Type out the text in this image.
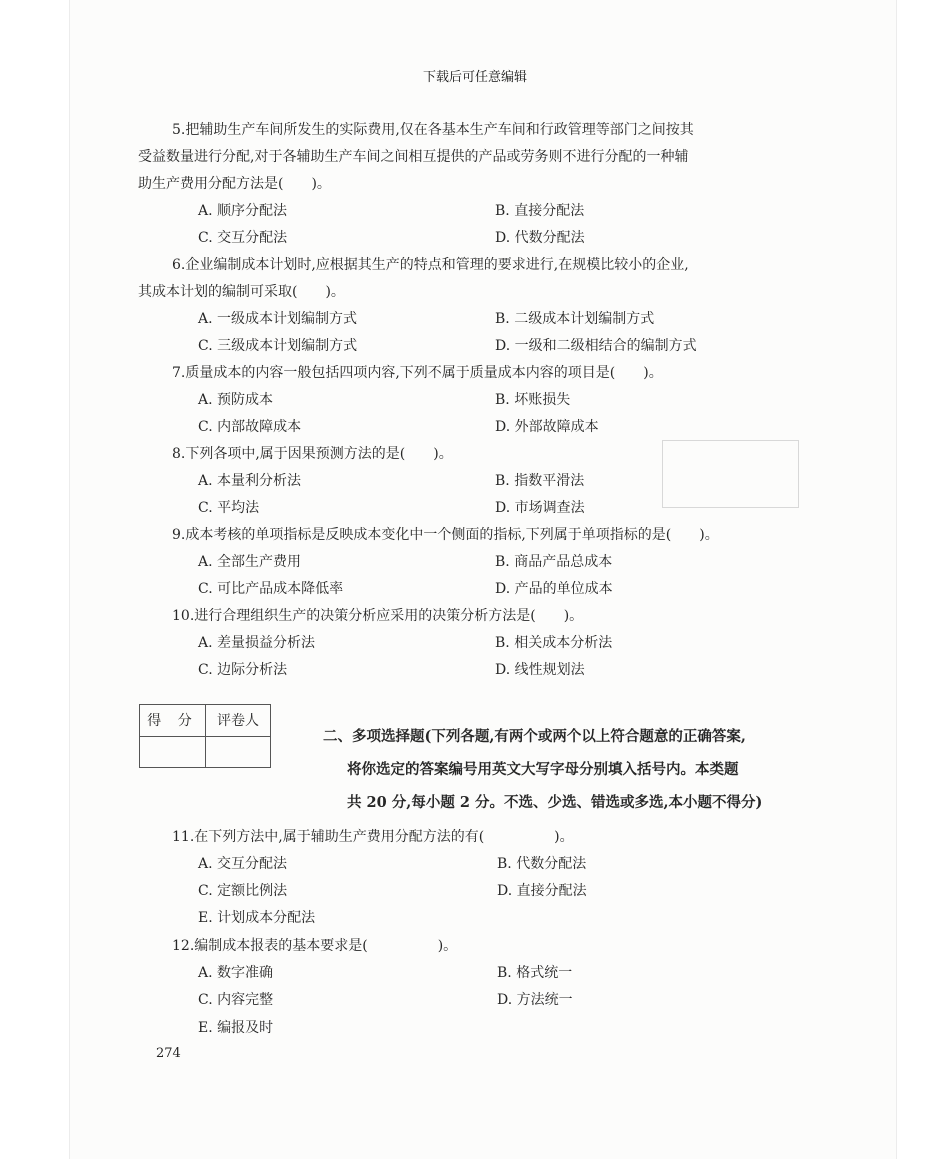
下载后可任意编辑
5.把辅助生产车间所发生的实际费用,仅在各基本生产车间和行政管理等部门之间按其
受益数量进行分配,对于各辅助生产车间之间相互提供的产品或劳务则不进行分配的一种辅
助生产费用分配方法是(　　)。
A. 顺序分配法	B. 直接分配法
C. 交互分配法	D. 代数分配法
6.企业编制成本计划时,应根据其生产的特点和管理的要求进行,在规模比较小的企业,
其成本计划的编制可采取(　　)。
A. 一级成本计划编制方式	B. 二级成本计划编制方式
C. 三级成本计划编制方式	D. 一级和二级相结合的编制方式
7.质量成本的内容一般包括四项内容,下列不属于质量成本内容的项目是(　　)。
A. 预防成本	B. 坏账损失
C. 内部故障成本	D. 外部故障成本
8.下列各项中,属于因果预测方法的是(　　)。
A. 本量利分析法	B. 指数平滑法
C. 平均法	D. 市场调查法
9.成本考核的单项指标是反映成本变化中一个侧面的指标,下列属于单项指标的是(　　)。
A. 全部生产费用	B. 商品产品总成本
C. 可比产品成本降低率	D. 产品的单位成本
10.进行合理组织生产的决策分析应采用的决策分析方法是(　　)。
A. 差量损益分析法	B. 相关成本分析法
C. 边际分析法	D. 线性规划法
得 分	评卷人
二、多项选择题(下列各题,有两个或两个以上符合题意的正确答案,
将你选定的答案编号用英文大写字母分别填入括号内。本类题
共 20 分,每小题 2 分。不选、少选、错选或多选,本小题不得分)
11.在下列方法中,属于辅助生产费用分配方法的有(　　　　　)。
A. 交互分配法	B. 代数分配法
C. 定额比例法	D. 直接分配法
E. 计划成本分配法
12.编制成本报表的基本要求是(　　　　　)。
A. 数字准确	B. 格式统一
C. 内容完整	D. 方法统一
E. 编报及时
274
